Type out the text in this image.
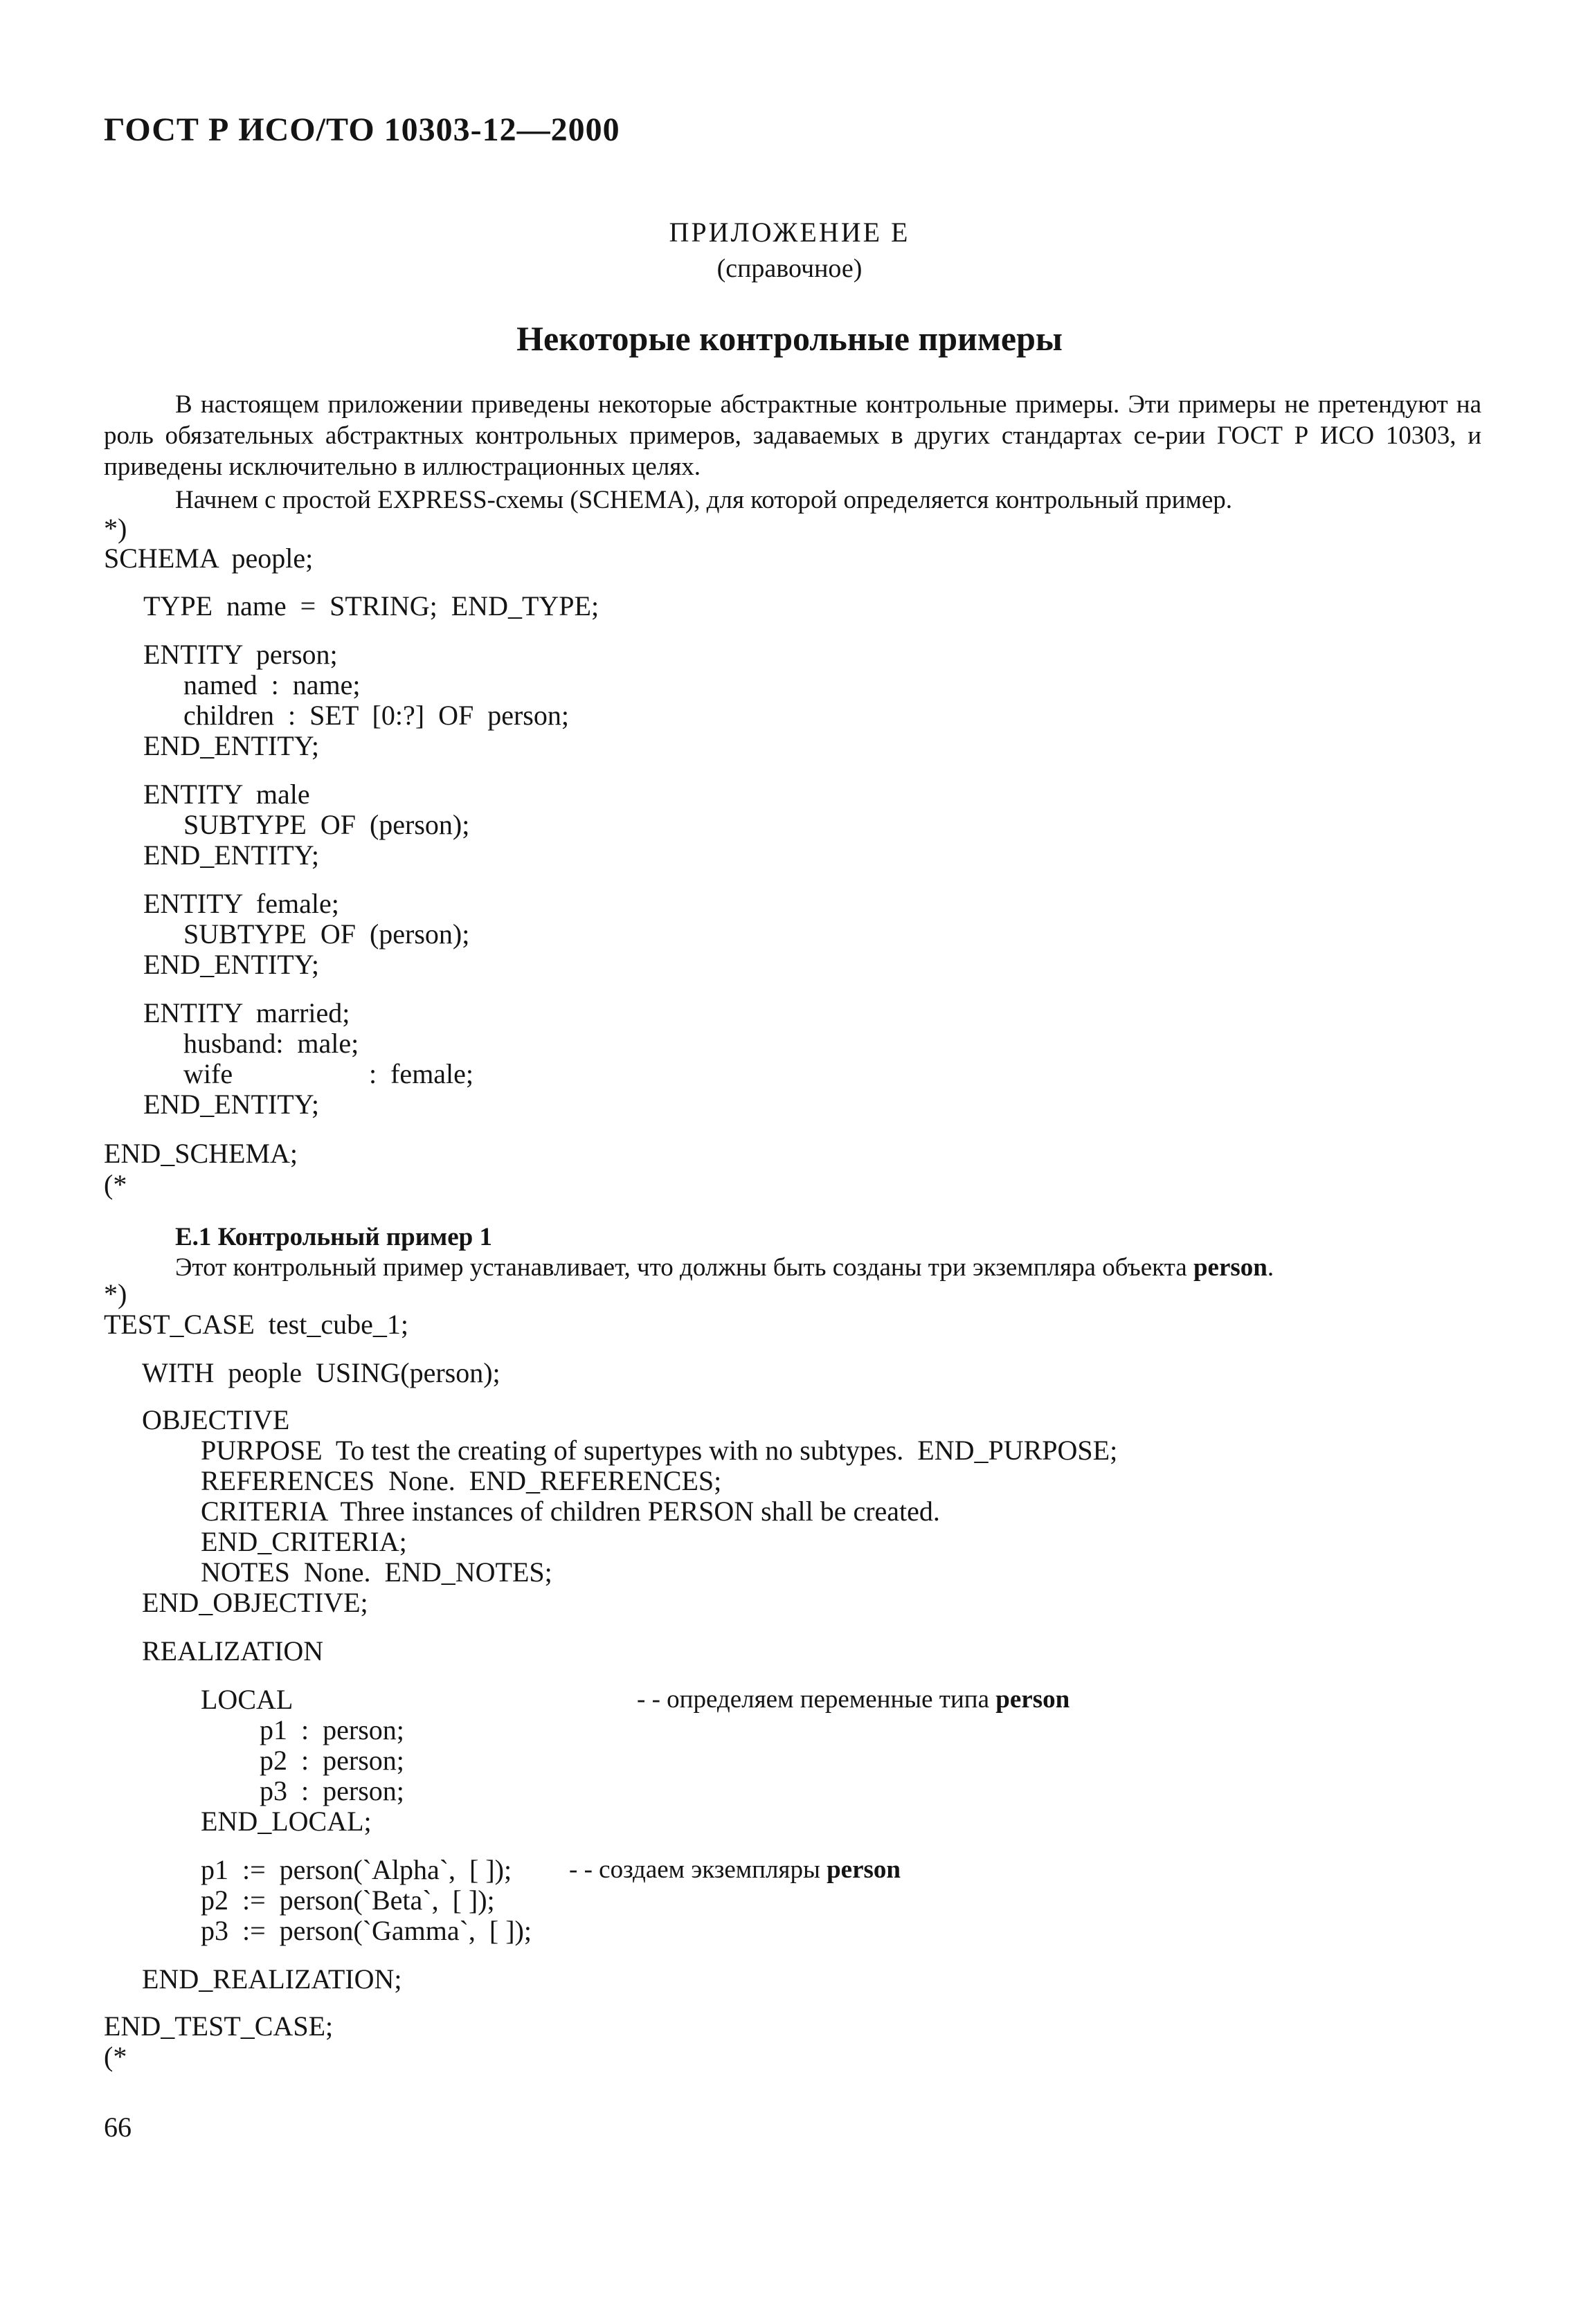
ГОСТ Р ИСО/ТО 10303-12—2000
ПРИЛОЖЕНИЕ Е
(справочное)
Некоторые контрольные примеры
В настоящем приложении приведены некоторые абстрактные контрольные примеры. Эти примеры не претендуют на роль обязательных абстрактных контрольных примеров, задаваемых в других стандартах се-рии ГОСТ Р ИСО 10303, и приведены исключительно в иллюстрационных целях.
Начнем с простой EXPRESS-схемы (SCHEMA), для которой определяется контрольный пример.
*)
SCHEMA  people;
TYPE  name  =  STRING;  END_TYPE;
ENTITY  person;
named  :  name;
children  :  SET  [0:?]  OF  person;
END_ENTITY;
ENTITY  male
SUBTYPE  OF  (person);
END_ENTITY;
ENTITY  female;
SUBTYPE  OF  (person);
END_ENTITY;
ENTITY  married;
husband:  male;
wife	:  female;
END_ENTITY;
END_SCHEMA;
(*
Е.1 Контрольный пример 1
Этот контрольный пример устанавливает, что должны быть созданы три экземпляра объекта person.
*)
TEST_CASE  test_cube_1;
WITH  people  USING(person);
OBJECTIVE
PURPOSE  To test the creating of supertypes with no subtypes.  END_PURPOSE;
REFERENCES  None.  END_REFERENCES;
CRITERIA  Three instances of children PERSON shall be created.
END_CRITERIA;
NOTES  None.  END_NOTES;
END_OBJECTIVE;
REALIZATION
LOCAL	- - определяем переменные типа person
p1  :  person;
p2  :  person;
p3  :  person;
END_LOCAL;
p1  :=  person(`Alpha`,  [ ]); - - создаем экземпляры person
p2  :=  person(`Beta`,  [ ]);
p3  :=  person(`Gamma`,  [ ]);
END_REALIZATION;
END_TEST_CASE;
(*
66
